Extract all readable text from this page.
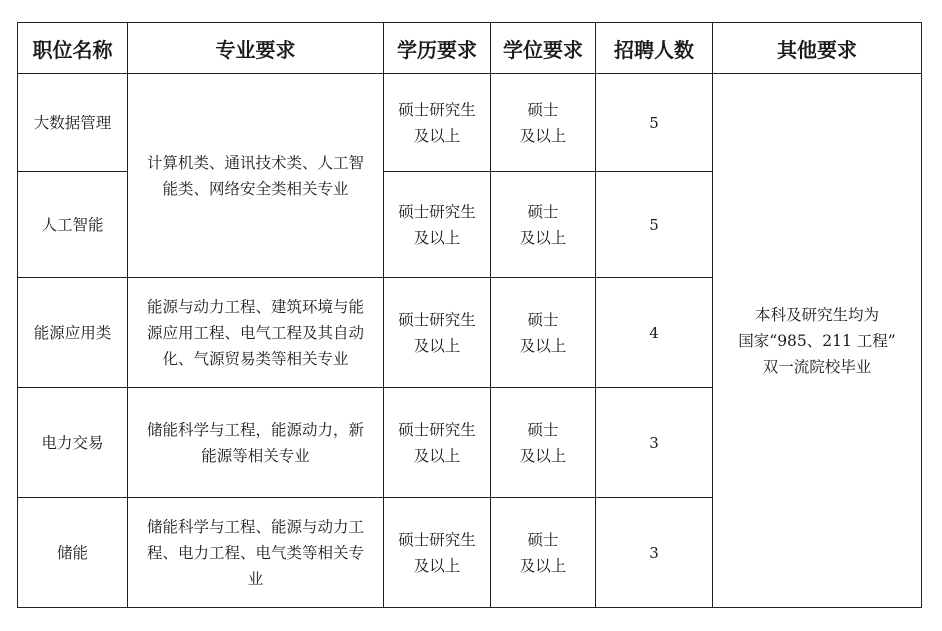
职位名称	专业要求	学历要求	学位要求	招聘人数	其他要求
大数据管理	计算机类、通讯技术类、人工智
能类、网络安全类相关专业	硕士研究生
及以上	硕士
及以上	5	本科及研究生均为
国家“985、211 工程”
双一流院校毕业

人工智能		硕士研究生
及以上	硕士
及以上	5	
能源应用类	能源与动力工程、建筑环境与能
源应用工程、电气工程及其自动
化、气源贸易类等相关专业	硕士研究生
及以上	硕士
及以上	4	
电力交易	储能科学与工程，能源动力，新
能源等相关专业	硕士研究生
及以上	硕士
及以上	3	
储能	储能科学与工程、能源与动力工
程、电力工程、电气类等相关专
业	硕士研究生
及以上	硕士
及以上	3	
